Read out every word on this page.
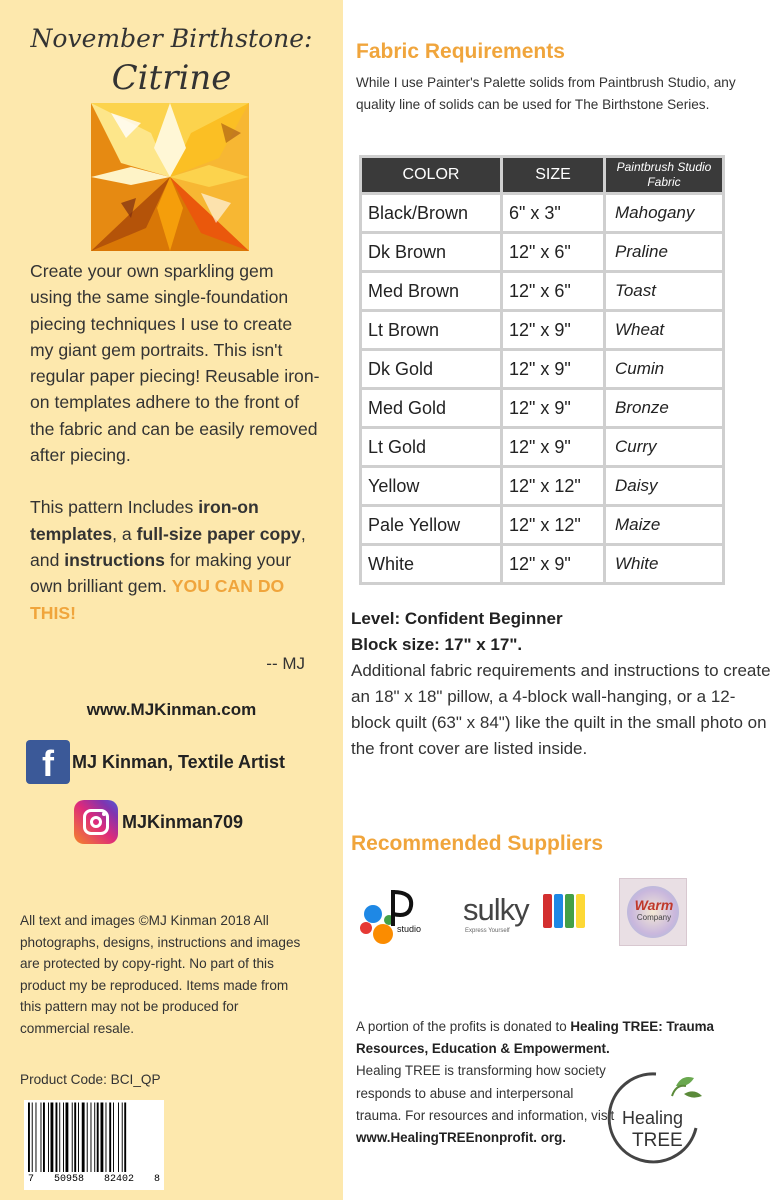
November Birthstone:
Citrine

Create your own sparkling gem using the same single-foundation piecing techniques I use to create my giant gem portraits. This isn't regular paper piecing! Reusable iron-on templates adhere to the front of the fabric and can be easily removed after piecing.

This pattern Includes iron-on templates, a full-size paper copy, and instructions for making your own brilliant gem. YOU CAN DO THIS!

-- MJ
www.MJKinman.com
f	MJ Kinman, Textile Artist
MJKinman709
All text and images ©MJ Kinman 2018 All photographs, designs, instructions and images are protected by copy-right. No part of this product my be reproduced. Items made from this pattern may not be produced for commercial resale.
Product Code: BCI_QP
7 50958 82402 8
Fabric Requirements
While I use Painter's Palette solids from Paintbrush Studio, any quality line of solids can be used for The Birthstone Series.
COLOR	SIZE	Paintbrush Studio Fabric
Black/Brown	6" x 3"	Mahogany
Dk Brown	12" x 6"	Praline
Med Brown	12" x 6"	Toast
Lt Brown	12" x 9"	Wheat
Dk Gold	12" x 9"	Cumin
Med Gold	12" x 9"	Bronze
Lt Gold	12" x 9"	Curry
Yellow	12" x 12"	Daisy
Pale Yellow	12" x 12"	Maize
White	12" x 9"	White
Level: Confident Beginner
Block size: 17" x 17".
Additional fabric requirements and instructions to create an 18" x 18" pillow, a 4-block wall-hanging, or a 12-block quilt (63" x 84") like the quilt in the small photo on the front cover are listed inside.
Recommended Suppliers
studio
sulky
Express Yourself
Warm
Company
A portion of the profits is donated to Healing TREE: Trauma Resources, Education & Empowerment.
Healing TREE is transforming how society responds to abuse and interpersonal trauma. For resources and information, visit
www.HealingTREEnonprofit. org.
Healing
TREE
